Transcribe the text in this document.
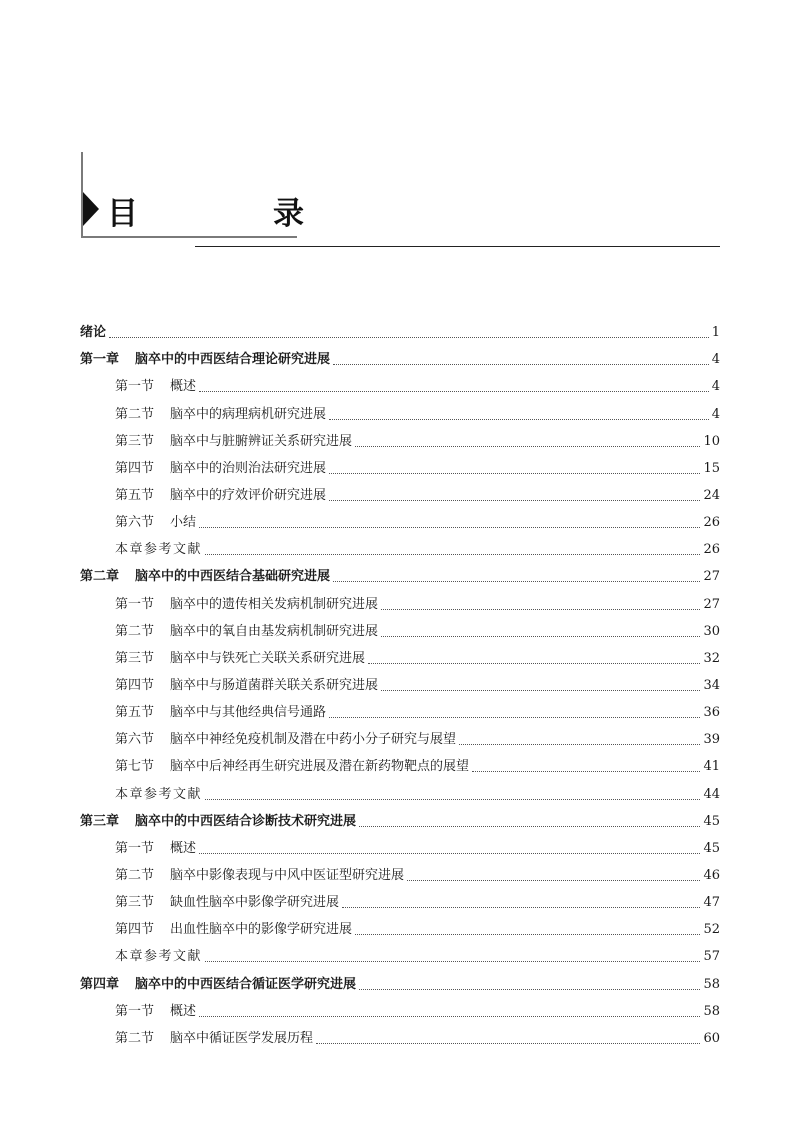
目　录
绪论	1
第一章 脑卒中的中西医结合理论研究进展	4
第一节 概述	4
第二节 脑卒中的病理病机研究进展	4
第三节 脑卒中与脏腑辨证关系研究进展	10
第四节 脑卒中的治则治法研究进展	15
第五节 脑卒中的疗效评价研究进展	24
第六节 小结	26
本章参考文献	26
第二章 脑卒中的中西医结合基础研究进展	27
第一节 脑卒中的遗传相关发病机制研究进展	27
第二节 脑卒中的氧自由基发病机制研究进展	30
第三节 脑卒中与铁死亡关联关系研究进展	32
第四节 脑卒中与肠道菌群关联关系研究进展	34
第五节 脑卒中与其他经典信号通路	36
第六节 脑卒中神经免疫机制及潜在中药小分子研究与展望	39
第七节 脑卒中后神经再生研究进展及潜在新药物靶点的展望	41
本章参考文献	44
第三章 脑卒中的中西医结合诊断技术研究进展	45
第一节 概述	45
第二节 脑卒中影像表现与中风中医证型研究进展	46
第三节 缺血性脑卒中影像学研究进展	47
第四节 出血性脑卒中的影像学研究进展	52
本章参考文献	57
第四章 脑卒中的中西医结合循证医学研究进展	58
第一节 概述	58
第二节 脑卒中循证医学发展历程	60
